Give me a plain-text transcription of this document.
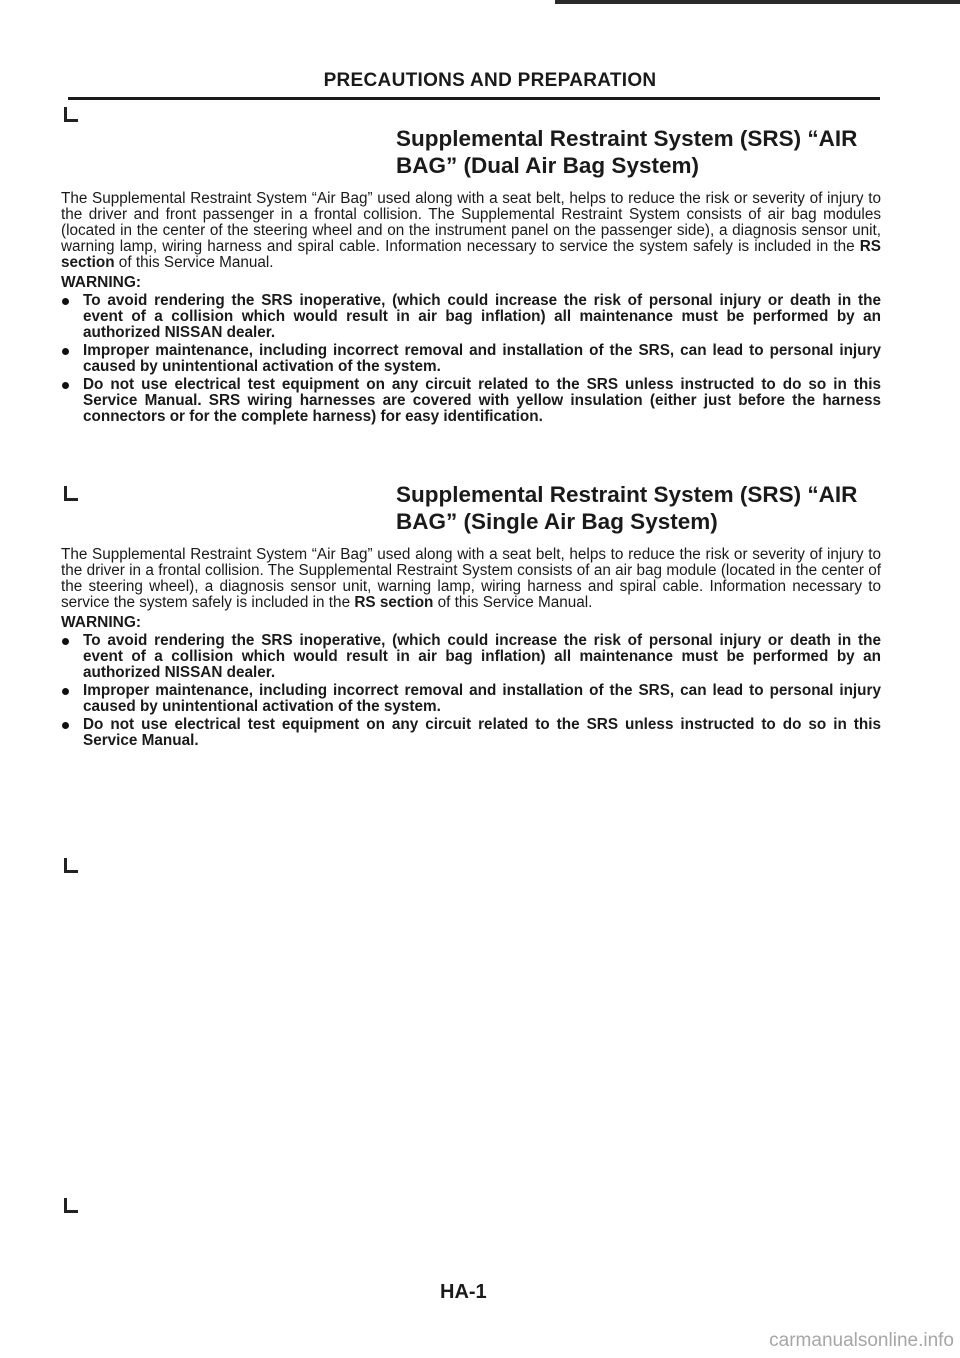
PRECAUTIONS AND PREPARATION
Supplemental Restraint System (SRS) “AIR
BAG” (Dual Air Bag System)
The Supplemental Restraint System “Air Bag” used along with a seat belt, helps to reduce the risk or severity of injury to the driver and front passenger in a frontal collision. The Supplemental Restraint System consists of air bag modules (located in the center of the steering wheel and on the instrument panel on the passenger side), a diagnosis sensor unit, warning lamp, wiring harness and spiral cable. Information necessary to service the system safely is included in the RS section of this Service Manual.
WARNING:
To avoid rendering the SRS inoperative, (which could increase the risk of personal injury or death in the event of a collision which would result in air bag inflation) all maintenance must be performed by an authorized NISSAN dealer.
Improper maintenance, including incorrect removal and installation of the SRS, can lead to personal injury caused by unintentional activation of the system.
Do not use electrical test equipment on any circuit related to the SRS unless instructed to do so in this Service Manual. SRS wiring harnesses are covered with yellow insulation (either just before the harness connectors or for the complete harness) for easy identification.
Supplemental Restraint System (SRS) “AIR
BAG” (Single Air Bag System)
The Supplemental Restraint System “Air Bag” used along with a seat belt, helps to reduce the risk or severity of injury to the driver in a frontal collision. The Supplemental Restraint System consists of an air bag module (located in the center of the steering wheel), a diagnosis sensor unit, warning lamp, wiring harness and spiral cable. Information necessary to service the system safely is included in the RS section of this Service Manual.
WARNING:
To avoid rendering the SRS inoperative, (which could increase the risk of personal injury or death in the event of a collision which would result in air bag inflation) all maintenance must be performed by an authorized NISSAN dealer.
Improper maintenance, including incorrect removal and installation of the SRS, can lead to personal injury caused by unintentional activation of the system.
Do not use electrical test equipment on any circuit related to the SRS unless instructed to do so in this Service Manual.
HA-1
carmanualsonline.info
